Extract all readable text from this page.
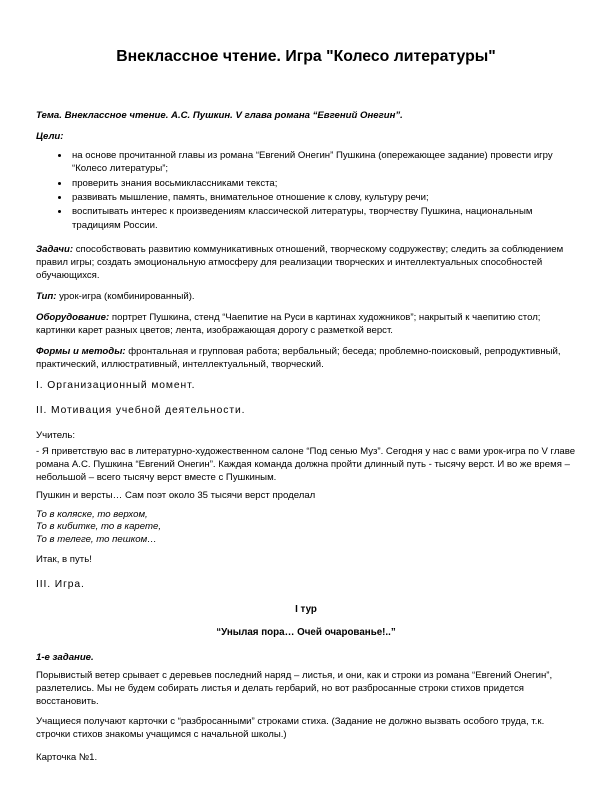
Внеклассное чтение. Игра "Колесо литературы"

Тема. Внеклассное чтение. А.С. Пушкин. V глава романа “Евгений Онегин”.

Цели:

• на основе прочитанной главы из романа “Евгений Онегин” Пушкина (опережающее задание) провести игру “Колесо литературы”;
• проверить знания восьмиклассниками текста;
• развивать мышление, память, внимательное отношение к слову, культуру речи;
• воспитывать интерес к произведениям классической литературы, творчеству Пушкина, национальным традициям России.

Задачи: способствовать развитию коммуникативных отношений, творческому содружеству; следить за соблюдением правил игры; создать эмоциональную атмосферу для реализации творческих и интеллектуальных способностей обучающихся.

Тип: урок-игра (комбинированный).

Оборудование: портрет Пушкина, стенд “Чаепитие на Руси в картинах художников”; накрытый к чаепитию стол; картинки карет разных цветов; лента, изображающая дорогу с разметкой верст.

Формы и методы: фронтальная и групповая работа; вербальный; беседа; проблемно-поисковый, репродуктивный, практический, иллюстративный, интеллектуальный, творческий.

I. Организационный момент.
II. Мотивация учебной деятельности.

Учитель:

- Я приветствую вас в литературно-художественном салоне “Под сенью Муз”. Сегодня у нас с вами урок-игра по V главе романа А.С. Пушкина “Евгений Онегин”. Каждая команда должна пройти длинный путь - тысячу верст. И во же время – небольшой – всего тысячу верст вместе с Пушкиным.

Пушкин и версты… Сам поэт около 35 тысячи верст проделал

То в коляске, то верхом,
То в кибитке, то в карете,
То в телеге, то пешком…

Итак, в путь!

III. Игра.

I тур

“Унылая пора… Очей очарованье!..”

1-е задание.

Порывистый ветер срывает с деревьев последний наряд – листья, и они, как и строки из романа “Евгений Онегин”, разлетелись. Мы не будем собирать листья и делать гербарий, но вот разбросанные строки стихов придется восстановить.

Учащиеся получают карточки с “разбросанными” строками стиха. (Задание не должно вызвать особого труда, т.к. строчки стихов знакомы учащимся с начальной школы.)

Карточка №1.
